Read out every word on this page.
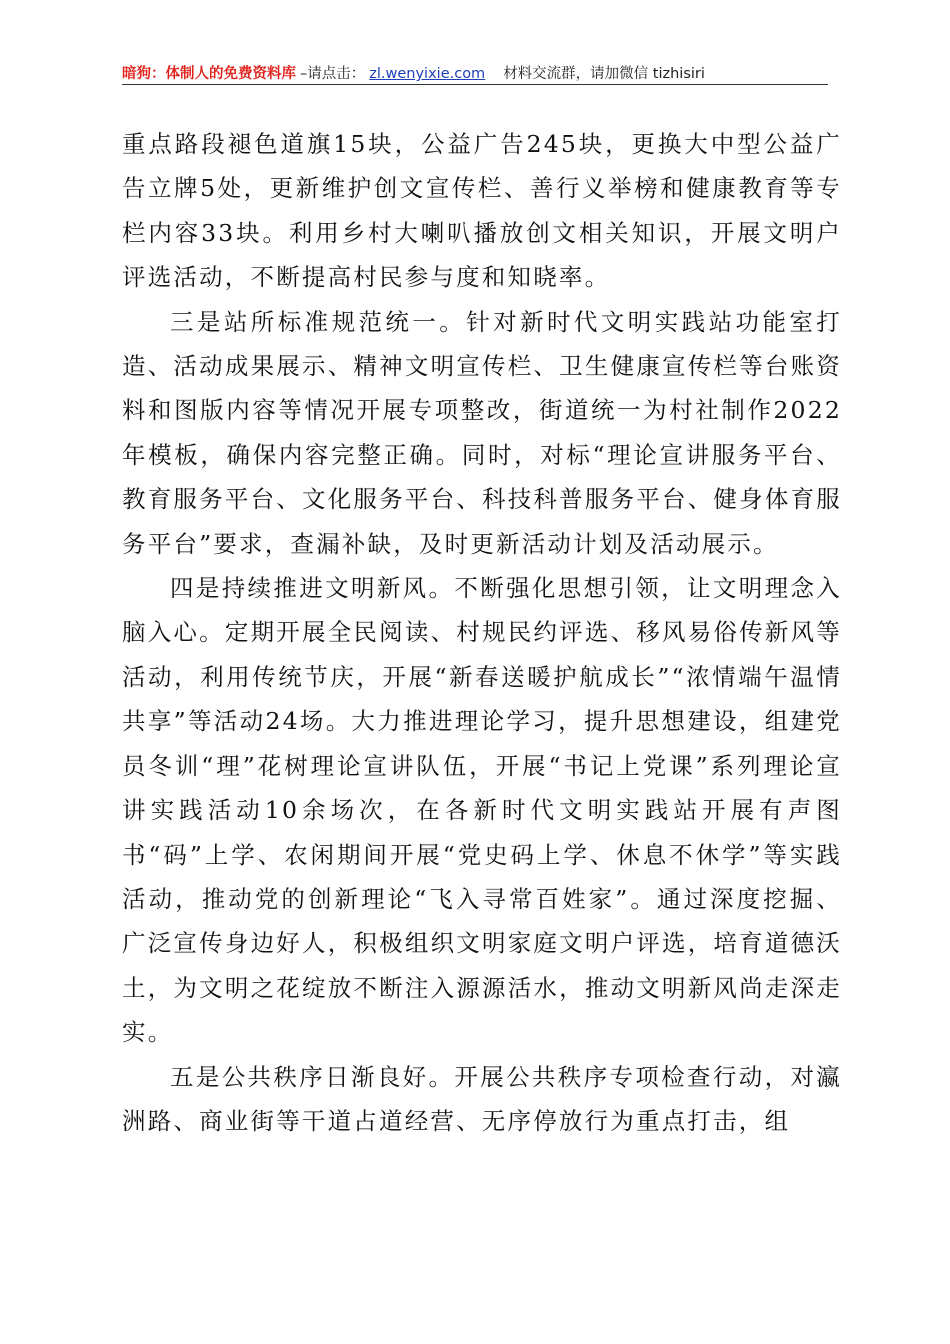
暗狗：体制人的免费资料库 –请点击： zl.wenyixie.com 材料交流群，请加微信 tizhisiri

重点路段褪色道旗15块，公益广告245块，更换大中型公益广告立牌5处，更新维护创文宣传栏、善行义举榜和健康教育等专栏内容33块。利用乡村大喇叭播放创文相关知识，开展文明户评选活动，不断提高村民参与度和知晓率。

三是站所标准规范统一。针对新时代文明实践站功能室打造、活动成果展示、精神文明宣传栏、卫生健康宣传栏等台账资料和图版内容等情况开展专项整改，街道统一为村社制作2022年模板，确保内容完整正确。同时，对标“理论宣讲服务平台、教育服务平台、文化服务平台、科技科普服务平台、健身体育服务平台”要求，查漏补缺，及时更新活动计划及活动展示。

四是持续推进文明新风。不断强化思想引领，让文明理念入脑入心。定期开展全民阅读、村规民约评选、移风易俗传新风等活动，利用传统节庆，开展“新春送暖护航成长”“浓情端午温情共享”等活动24场。大力推进理论学习，提升思想建设，组建党员冬训“理”花树理论宣讲队伍，开展“书记上党课”系列理论宣讲实践活动10余场次，在各新时代文明实践站开展有声图书“码”上学、农闲期间开展“党史码上学、休息不休学”等实践活动，推动党的创新理论“飞入寻常百姓家”。通过深度挖掘、广泛宣传身边好人，积极组织文明家庭文明户评选，培育道德沃土，为文明之花绽放不断注入源源活水，推动文明新风尚走深走实。

五是公共秩序日渐良好。开展公共秩序专项检查行动，对瀛洲路、商业街等干道占道经营、无序停放行为重点打击，组
